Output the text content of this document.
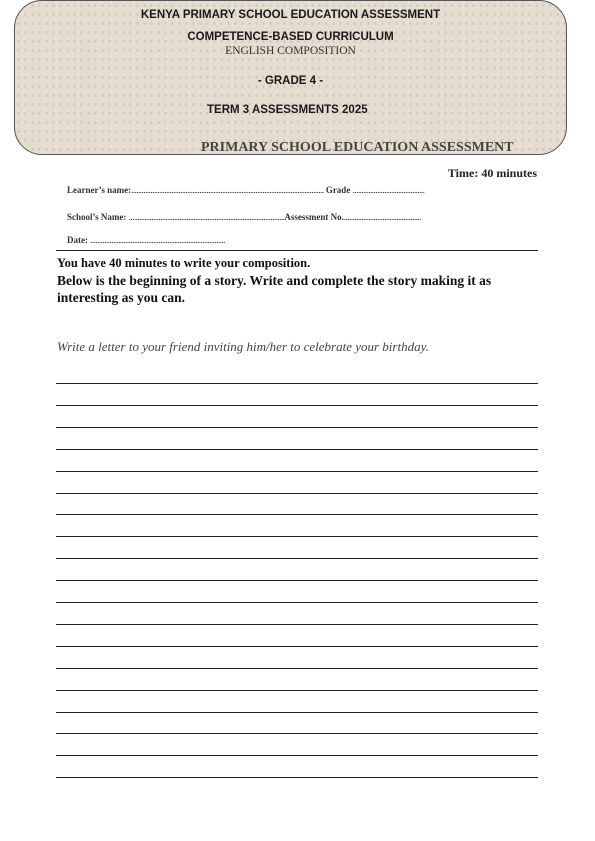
KENYA PRIMARY SCHOOL EDUCATION ASSESSMENT
COMPETENCE-BASED CURRICULUM
ENGLISH COMPOSITION
- GRADE 4 -
TERM 3 ASSESSMENTS 2025
PRIMARY SCHOOL EDUCATION ASSESSMENT
Time: 40 minutes
Learner’s name:.............................................................................................................. Grade .........................................
School’s Name: .........................................................................................Assessment No.............................................
Date: .............................................................................
You have 40 minutes to write your composition.
Below is the beginning of a story. Write and complete the story making it as interesting as you can.
Write a letter to your friend inviting him/her to celebrate your birthday.
